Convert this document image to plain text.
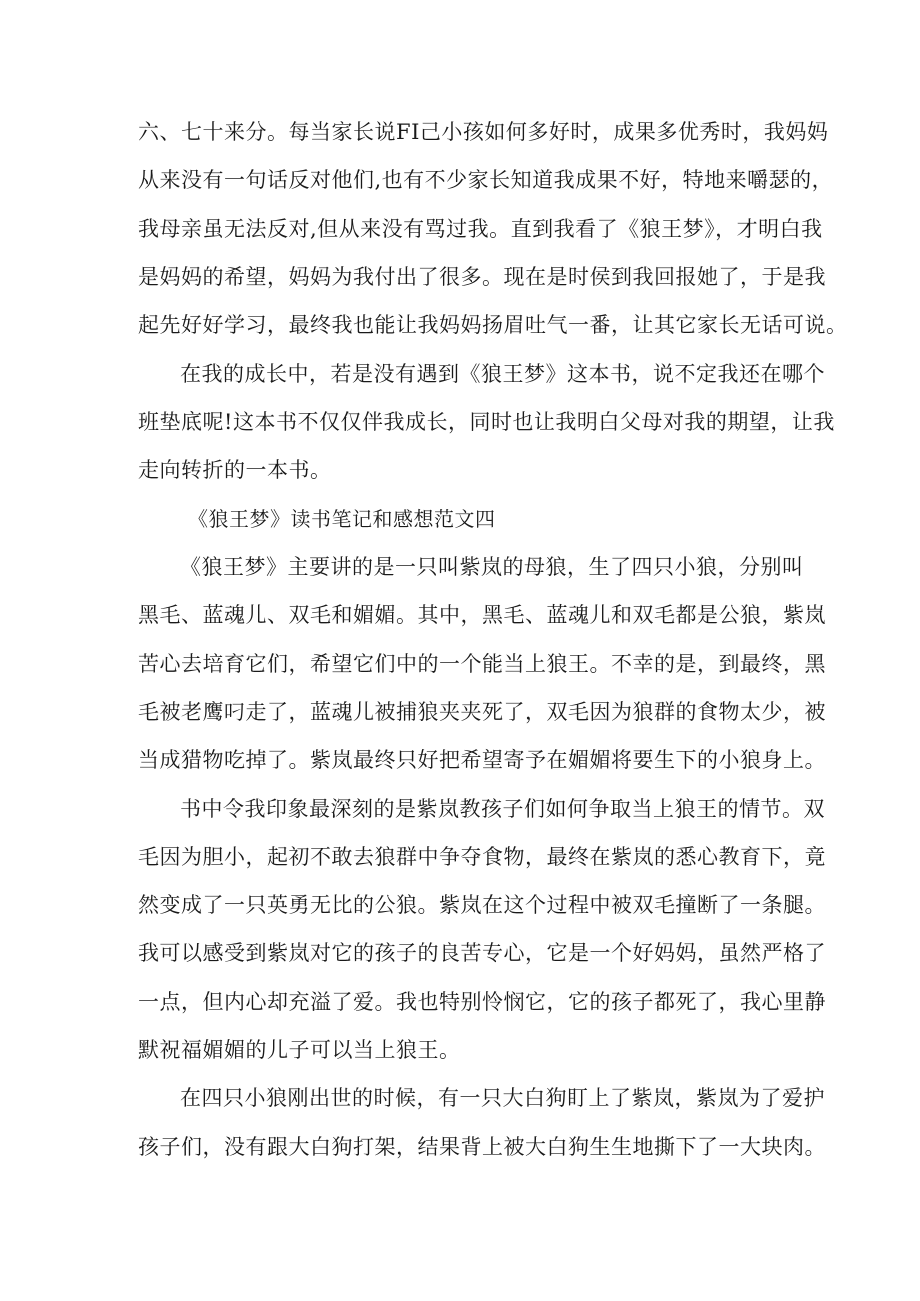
六、七十来分。每当家长说FI己小孩如何多好时，成果多优秀时，我妈妈
从来没有一句话反对他们,也有不少家长知道我成果不好，特地来嚼瑟的，
我母亲虽无法反对,但从来没有骂过我。直到我看了《狼王梦》，才明白我
是妈妈的希望，妈妈为我付出了很多。现在是时侯到我回报她了，于是我
起先好好学习，最终我也能让我妈妈扬眉吐气一番，让其它家长无话可说。
在我的成长中，若是没有遇到《狼王梦》这本书，说不定我还在哪个
班垫底呢!这本书不仅仅伴我成长，同时也让我明白父母对我的期望，让我
走向转折的一本书。
《狼王梦》读书笔记和感想范文四
《狼王梦》主要讲的是一只叫紫岚的母狼，生了四只小狼，分别叫
黑毛、蓝魂儿、双毛和媚媚。其中，黑毛、蓝魂儿和双毛都是公狼，紫岚
苦心去培育它们，希望它们中的一个能当上狼王。不幸的是，到最终，黑
毛被老鹰叼走了，蓝魂儿被捕狼夹夹死了，双毛因为狼群的食物太少，被
当成猎物吃掉了。紫岚最终只好把希望寄予在媚媚将要生下的小狼身上。
书中令我印象最深刻的是紫岚教孩子们如何争取当上狼王的情节。双
毛因为胆小，起初不敢去狼群中争夺食物，最终在紫岚的悉心教育下，竟
然变成了一只英勇无比的公狼。紫岚在这个过程中被双毛撞断了一条腿。
我可以感受到紫岚对它的孩子的良苦专心，它是一个好妈妈，虽然严格了
一点，但内心却充溢了爱。我也特别怜悯它，它的孩子都死了，我心里静
默祝福媚媚的儿子可以当上狼王。
在四只小狼刚出世的时候，有一只大白狗盯上了紫岚，紫岚为了爱护
孩子们，没有跟大白狗打架，结果背上被大白狗生生地撕下了一大块肉。
